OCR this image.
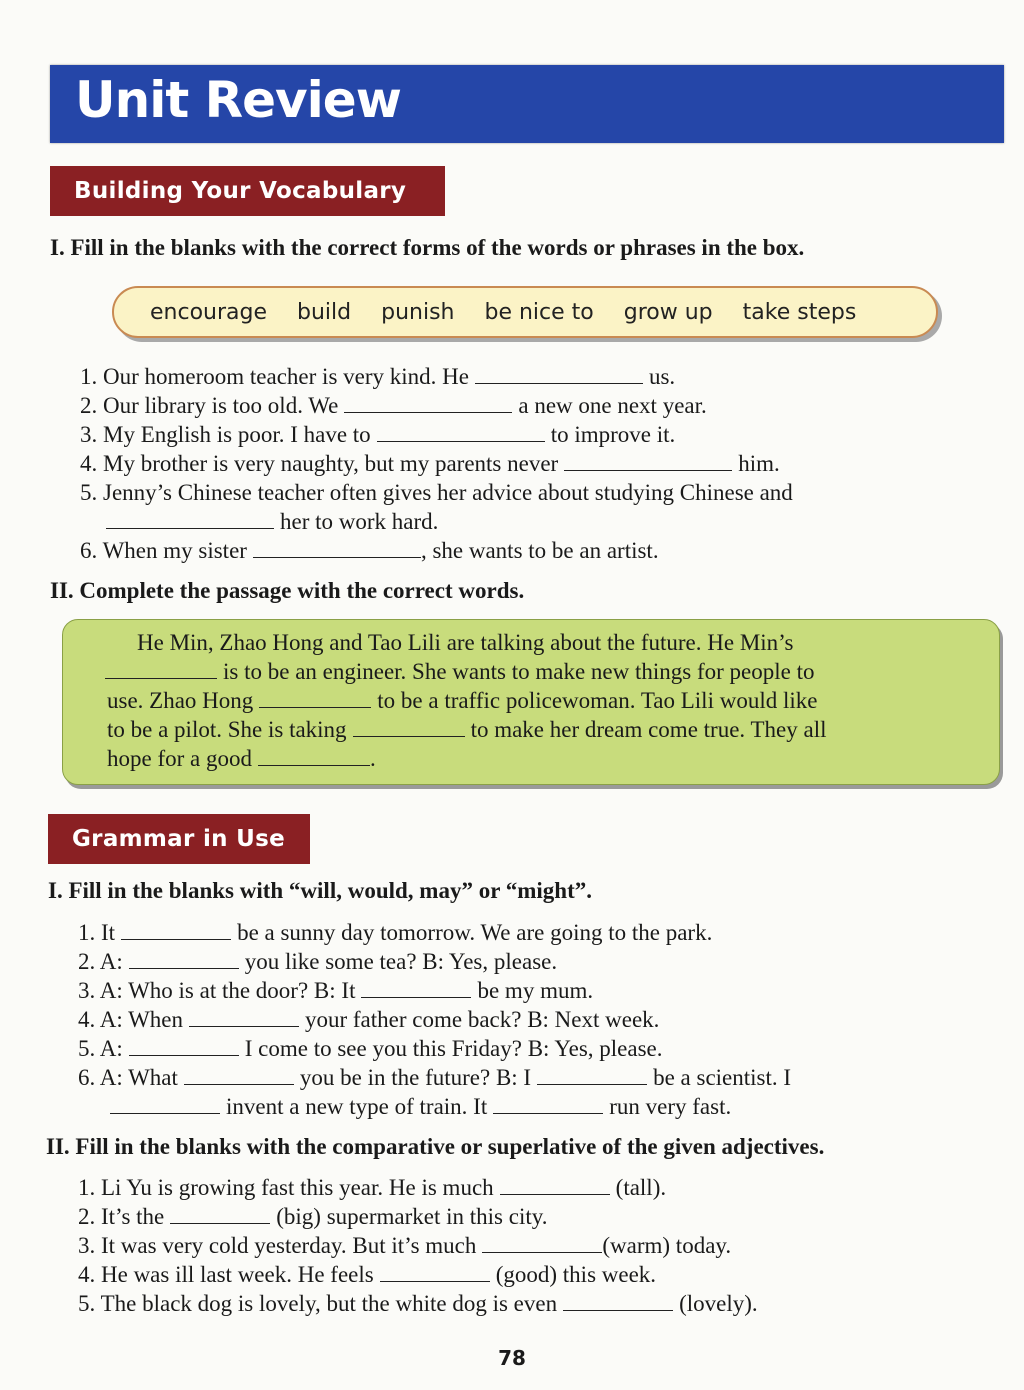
Unit Review
Building Your Vocabulary
I. Fill in the blanks with the correct forms of the words or phrases in the box.
encourage build punish be nice to grow up take steps
1. Our homeroom teacher is very kind. He	us.
2. Our library is too old. We	a new one next year.
3. My English is poor. I have to	to improve it.
4. My brother is very naughty, but my parents never	him.
5. Jenny’s Chinese teacher often gives her advice about studying Chinese and
her to work hard.
6. When my sister	, she wants to be an artist.
II. Complete the passage with the correct words.
He Min, Zhao Hong and Tao Lili are talking about the future. He Min’s
is to be an engineer. She wants to make new things for people to
use. Zhao Hong	to be a traffic policewoman. Tao Lili would like
to be a pilot. She is taking	to make her dream come true. They all
hope for a good	.
Grammar in Use
I. Fill in the blanks with “will, would, may” or “might”.
1. It	be a sunny day tomorrow. We are going to the park.
2. A:	you like some tea? B: Yes, please.
3. A: Who is at the door? B: It	be my mum.
4. A: When	your father come back? B: Next week.
5. A:	I come to see you this Friday? B: Yes, please.
6. A: What	you be in the future? B: I	be a scientist. I
invent a new type of train. It	run very fast.
II. Fill in the blanks with the comparative or superlative of the given adjectives.
1. Li Yu is growing fast this year. He is much	(tall).
2. It’s the	(big) supermarket in this city.
3. It was very cold yesterday. But it’s much	(warm) today.
4. He was ill last week. He feels	(good) this week.
5. The black dog is lovely, but the white dog is even	(lovely).
78
